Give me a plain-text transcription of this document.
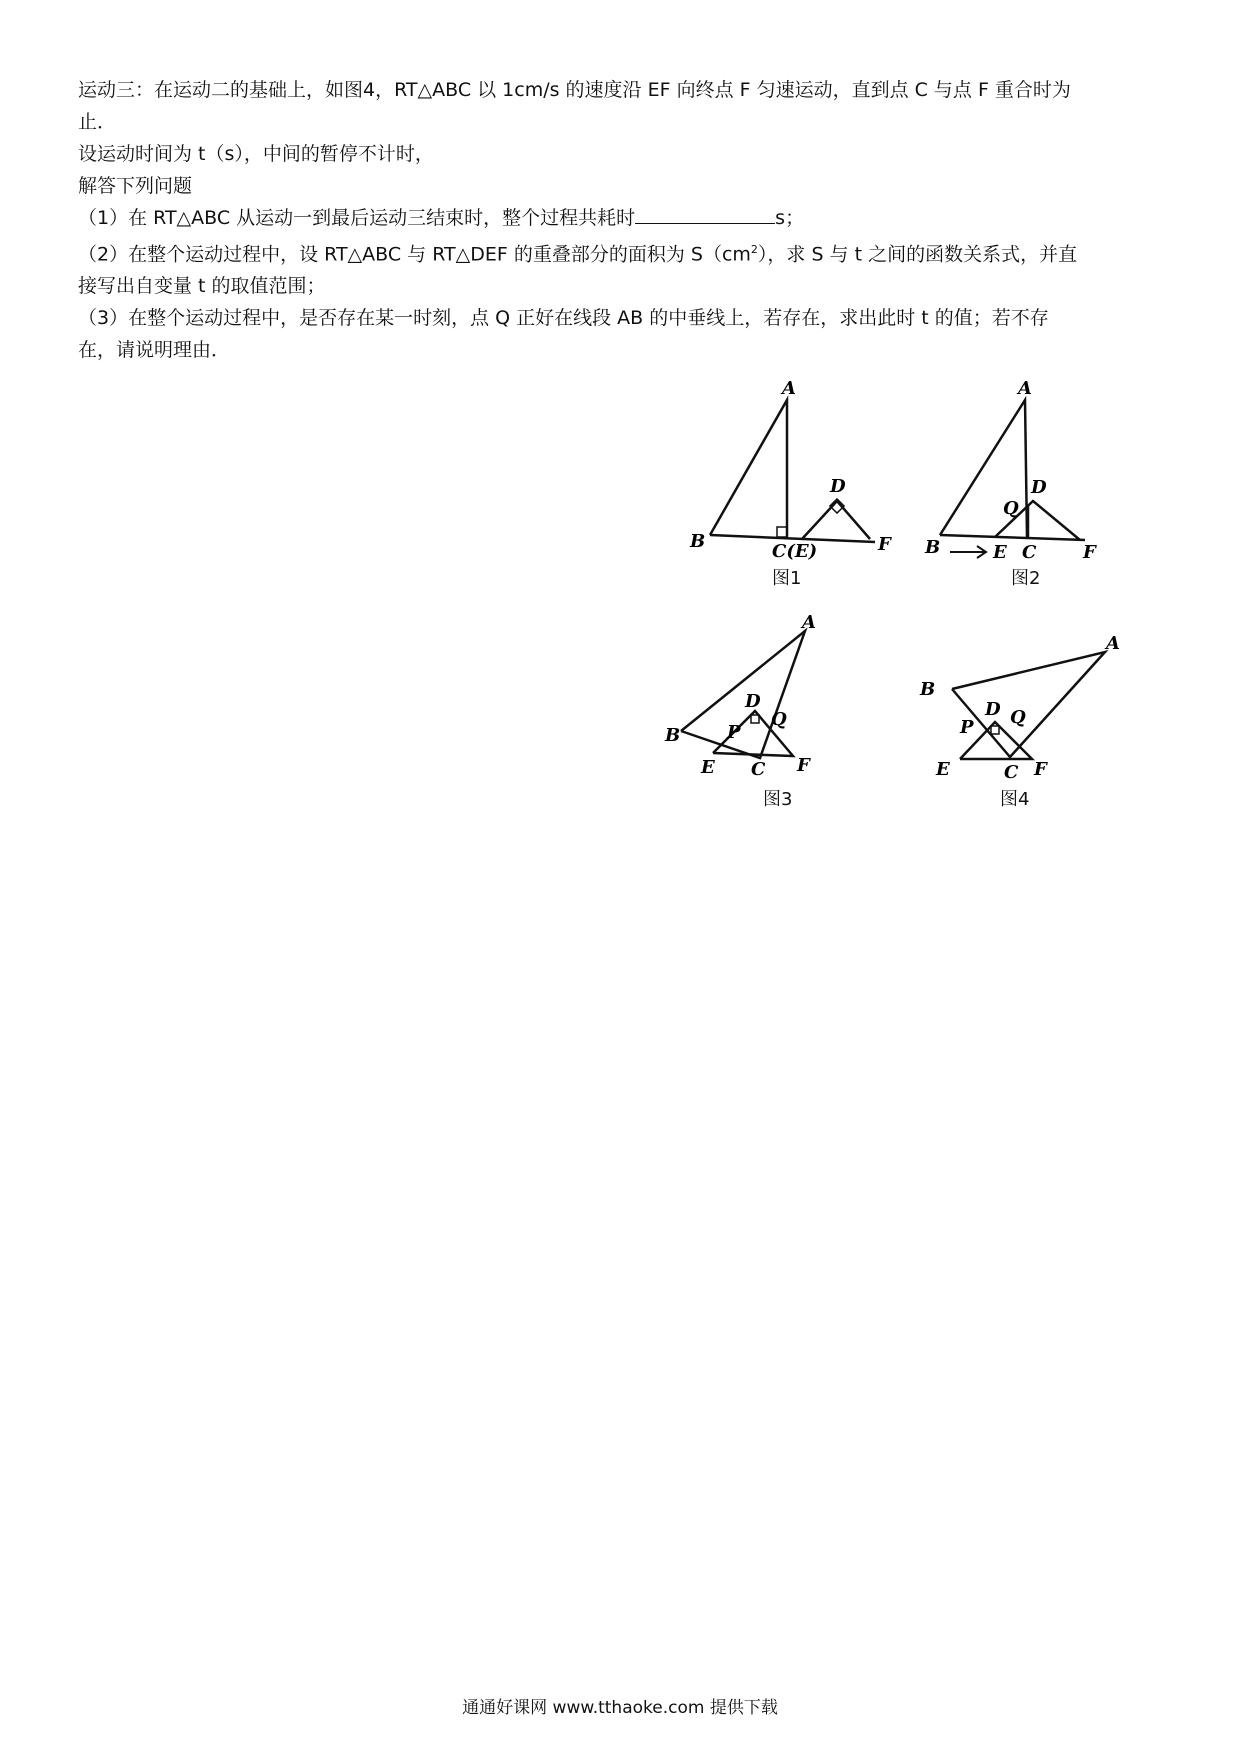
运动三：在运动二的基础上，如图4，RT△ABC 以 1cm/s 的速度沿 EF 向终点 F 匀速运动，直到点 C 与点 F 重合时为
止．
设运动时间为 t（s），中间的暂停不计时，
解答下列问题
（1）在 RT△ABC 从运动一到最后运动三结束时，整个过程共耗时	s；
（2）在整个运动过程中，设 RT△ABC 与 RT△DEF 的重叠部分的面积为 $S(cm^2)$，求 S 与 t 之间的函数关系式，并直
接写出自变量 t 的取值范围；
（3）在整个运动过程中，是否存在某一时刻，点 Q 正好在线段 AB 的中垂线上，若存在，求出此时 t 的值；若不存
在，请说明理由．
A
B	C(E)
D
F
图1
A
B	E C
Q
D
F
图2
A
B
E C
P
Q
D
F
图3
A
B
E	C
P Q
D
F
图4
通通好课网 www.tthaoke.com 提供下载
